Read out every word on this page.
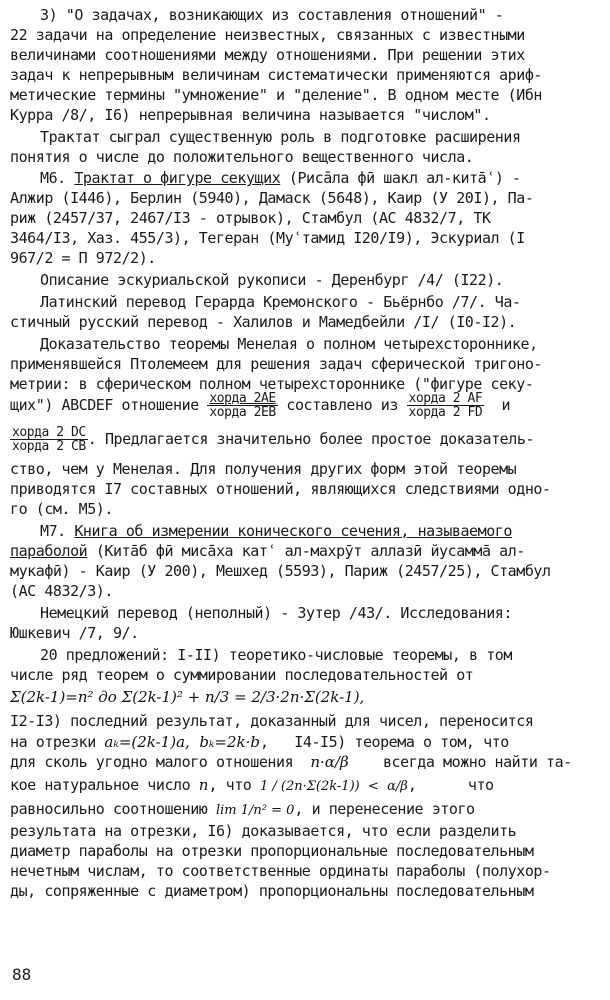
3) "О задачах, возникающих из составления отношений" -
22 задачи на определение неизвестных, связанных с известными
величинами соотношениями между отношениями. При решении этих
задач к непрерывным величинам систематически применяются ариф-
метические термины "умножение" и "деление". В одном месте (Ибн
Курра /8/, I6) непрерывная величина называется "числом".
Трактат сыграл существенную роль в подготовке расширения
понятия о числе до положительного вещественного числа.
M6. Трактат о фигуре секущих (Рисāла фӣ шакл ал-кита̄ʿ) -
Алжир (I446), Берлин (5940), Дамаск (5648), Каир (У 20I), Па-
риж (2457/37, 2467/I3 - отрывок), Стамбул (АС 4832/7, ТК
3464/I3, Хаз. 455/3), Тегеран (Муʿтамид I20/I9), Эскуриал (I
967/2 = П 972/2).
Описание эскуриальской рукописи - Деренбург /4/ (I22).
Латинский перевод Герарда Кремонского - Бьёрнбо /7/. Ча-
стичный русский перевод - Халилов и Мамедбейли /I/ (I0-I2).
Доказательство теоремы Менелая о полном четырехстороннике,
применявшейся Птолемеем для решения задач сферической тригоно-
метрии: в сферическом полном четырехстороннике ("фигуре секу-
щих") ABCDEF отношение $\frac{\text{хорда 2AE}}{\text{хорда 2EB}}$ составлено из $\frac{\text{хорда 2 AF}}{\text{хорда 2 FD}}$ и
$\frac{\text{хорда 2 DC}}{\text{хорда 2 CB}}$ . Предлагается значительно более простое доказатель-
ство, чем у Менелая. Для получения других форм этой теоремы
приводятся I7 составных отношений, являющихся следствиями одно-
го (см. M5).
M7. Книга об измерении конического сечения, называемого
параболой (Кита̄б фӣ миса̄ха катʿ ал-махрӯт аллазӣ йусамма̄ ал-
мукафӣ) - Каир (У 200), Мешхед (5593), Париж (2457/25), Стамбул
(АС 4832/3).
Немецкий перевод (неполный) - Зутер /43/. Исследования:
Юшкевич /7, 9/.
20 предложений: I-II) теоретико-числовые теоремы, в том
числе ряд теорем о суммировании последовательностей от
Σ(2k-1)=n² до Σ(2k-1)² + n/3 = 2/3·2n·Σ(2k-1),
I2-I3) последний результат, доказанный для чисел, переносится
на отрезки aₖ=(2k-1)a,  bₖ=2k·b,   I4-I5) теорема о том, что
для сколь угодно малого отношения n·α/β всегда можно найти та-
кое натуральное число n, что 1 / (2n·Σ(2k-1))  <  α/β,      что
равносильно соотношению lim 1/n² = 0, и перенесение этого
результата на отрезки, I6) доказывается, что если разделить
диаметр параболы на отрезки пропорциональные последовательным
нечетным числам, то соответственные ординаты параболы (полухор-
ды, сопряженные с диаметром) пропорциональны последовательным
88
